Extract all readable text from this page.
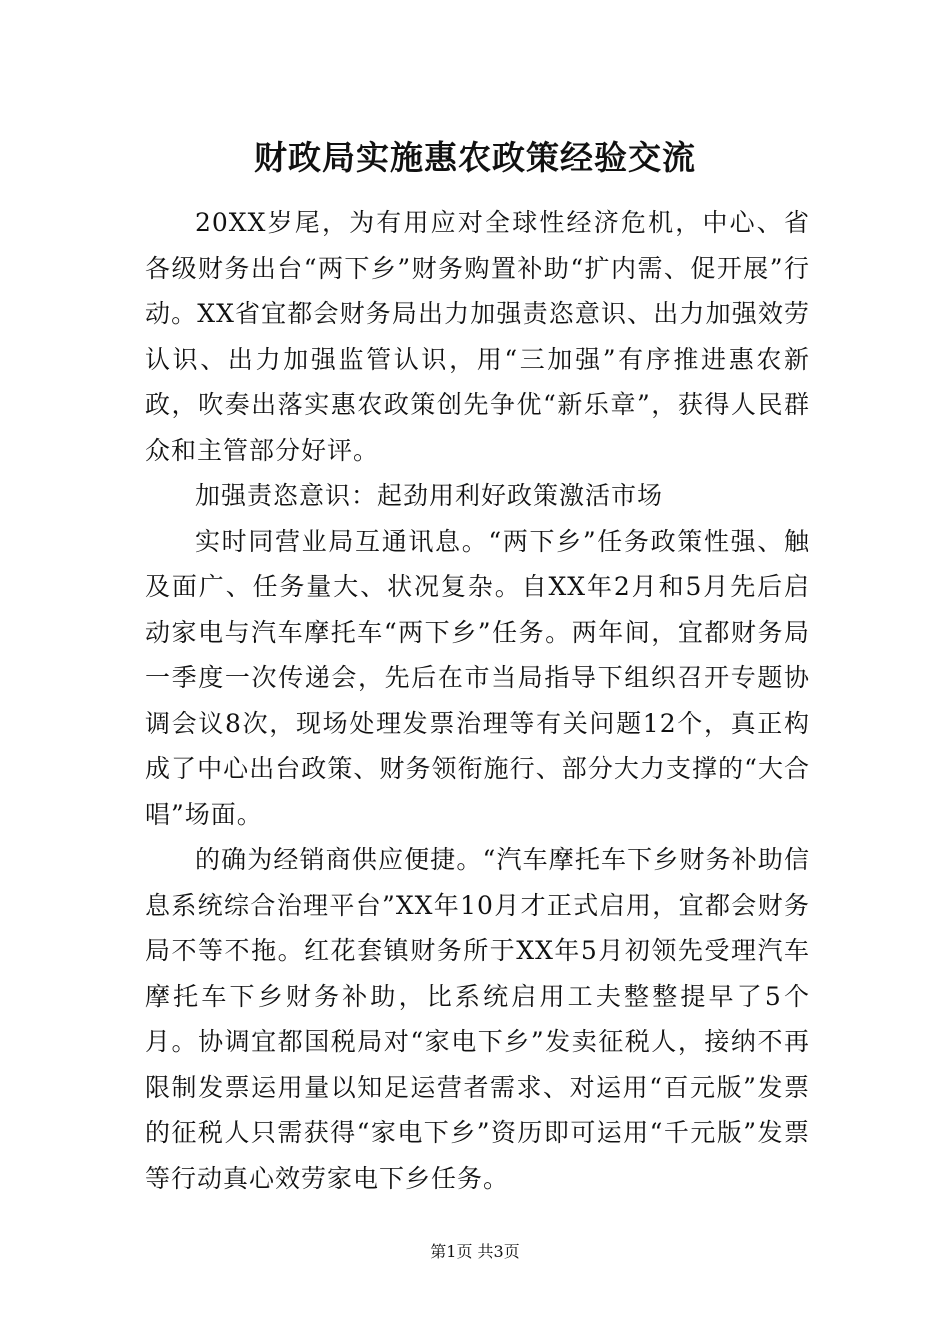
财政局实施惠农政策经验交流

20XX岁尾，为有用应对全球性经济危机，中心、省各级财务出台“两下乡”财务购置补助“扩内需、促开展”行动。XX省宜都会财务局出力加强责恣意识、出力加强效劳认识、出力加强监管认识，用“三加强”有序推进惠农新政，吹奏出落实惠农政策创先争优“新乐章”，获得人民群众和主管部分好评。

加强责恣意识：起劲用利好政策激活市场

实时同营业局互通讯息。“两下乡”任务政策性强、触及面广、任务量大、状况复杂。自XX年2月和5月先后启动家电与汽车摩托车“两下乡”任务。两年间，宜都财务局一季度一次传递会，先后在市当局指导下组织召开专题协调会议8次，现场处理发票治理等有关问题12个，真正构成了中心出台政策、财务领衔施行、部分大力支撑的“大合唱”场面。

的确为经销商供应便捷。“汽车摩托车下乡财务补助信息系统综合治理平台”XX年10月才正式启用，宜都会财务局不等不拖。红花套镇财务所于XX年5月初领先受理汽车摩托车下乡财务补助，比系统启用工夫整整提早了5个月。协调宜都国税局对“家电下乡”发卖征税人，接纳不再限制发票运用量以知足运营者需求、对运用“百元版”发票的征税人只需获得“家电下乡”资历即可运用“千元版”发票等行动真心效劳家电下乡任务。

第1页 共3页
